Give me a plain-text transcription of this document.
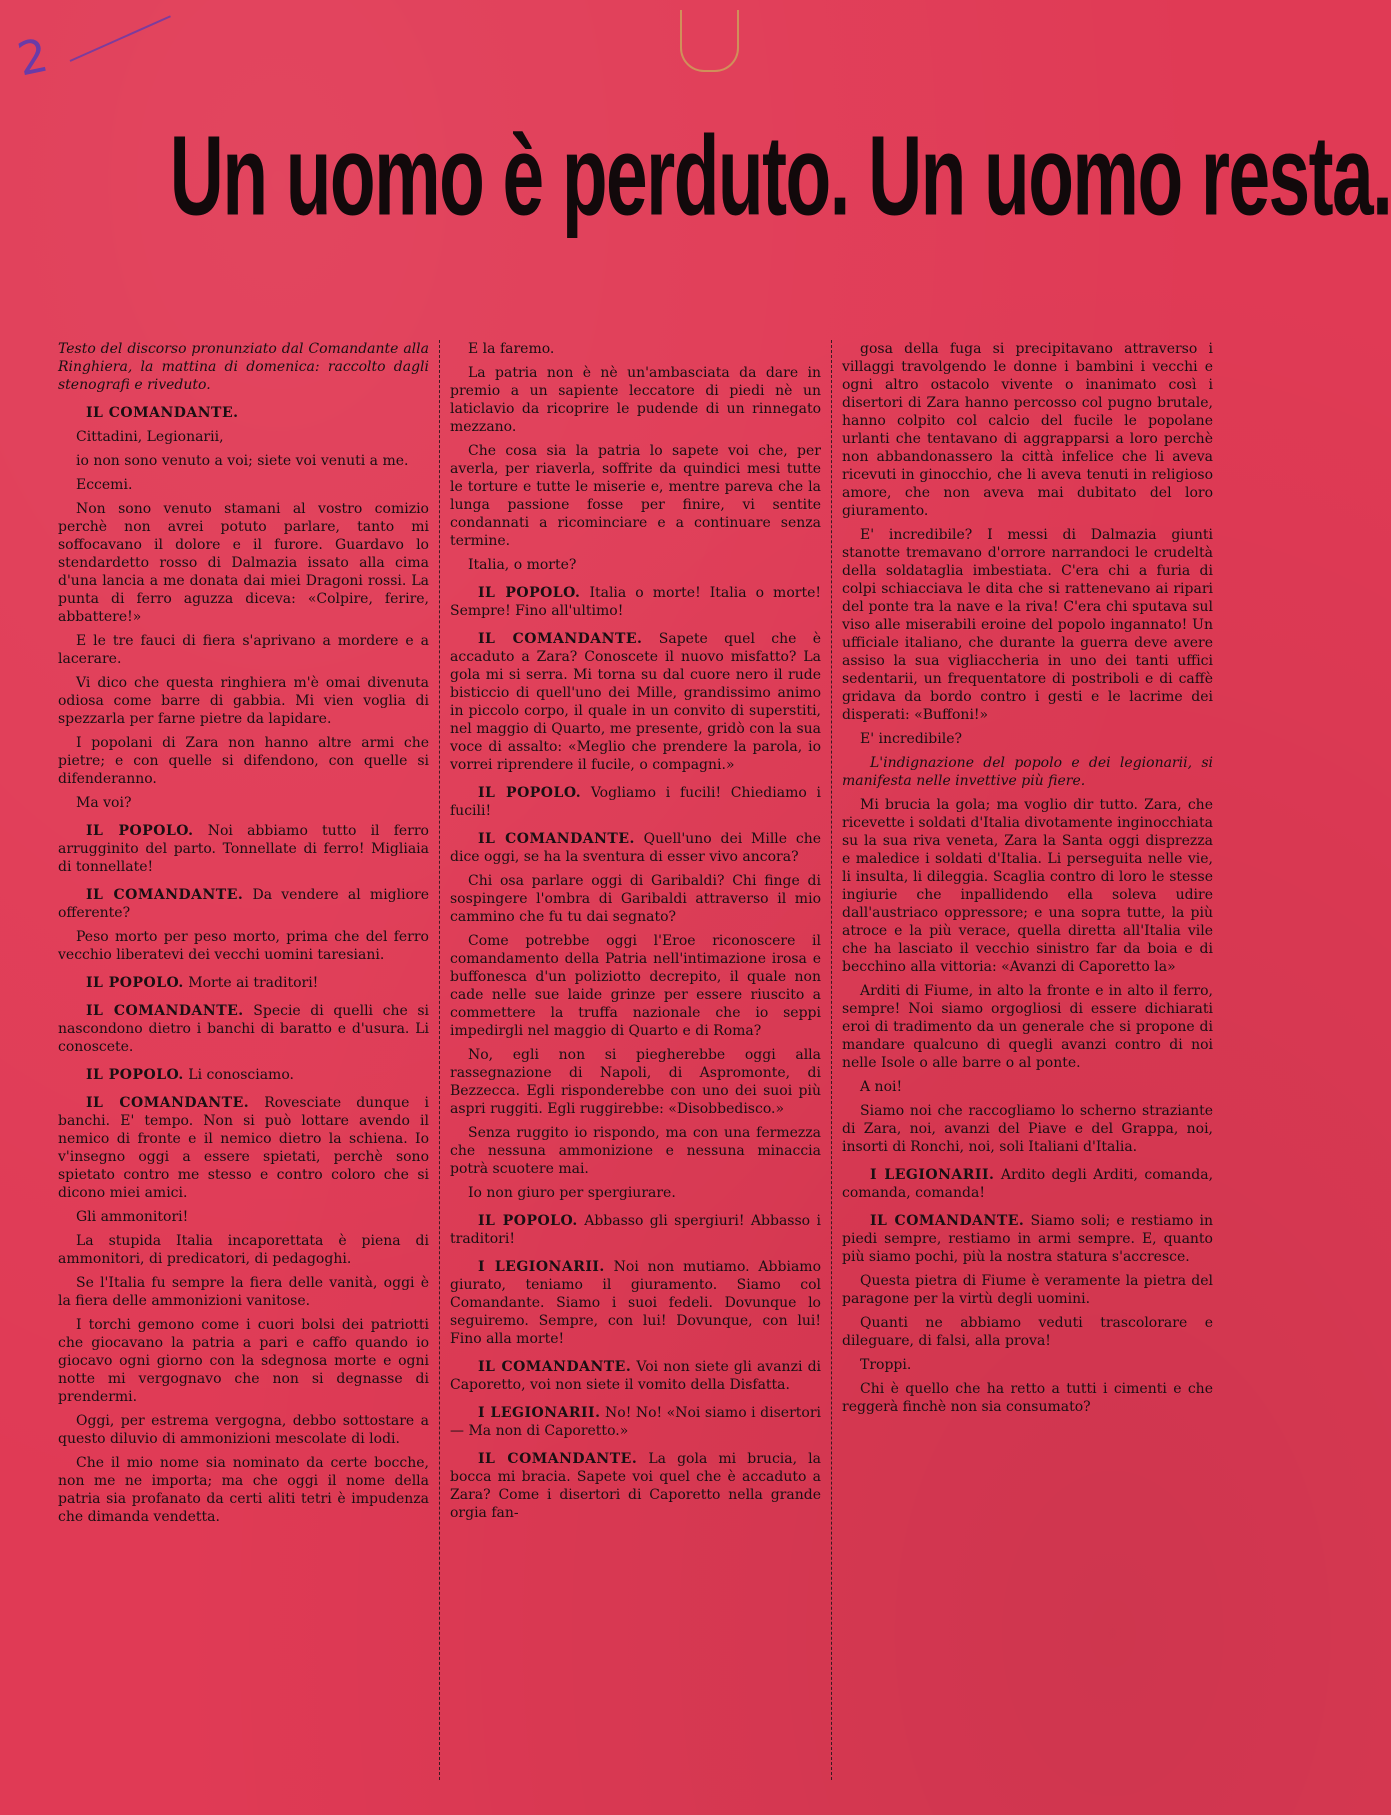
2
Un uomo è perduto. Un uomo resta.

Testo del discorso pronunziato dal Comandante alla Ringhiera, la mattina di domenica: raccolto dagli stenografi e riveduto.

IL COMANDANTE.

Cittadini, Legionarii,

io non sono venuto a voi; siete voi venuti a me.

Eccemi.

Non sono venuto stamani al vostro comizio perchè non avrei potuto parlare, tanto mi soffocavano il dolore e il furore. Guardavo lo stendardetto rosso di Dalmazia issato alla cima d'una lancia a me donata dai miei Dragoni rossi. La punta di ferro aguzza diceva: «Colpire, ferire, abbattere!»

E le tre fauci di fiera s'aprivano a mordere e a lacerare.

Vi dico che questa ringhiera m'è omai divenuta odiosa come barre di gabbia. Mi vien voglia di spezzarla per farne pietre da lapidare.

I popolani di Zara non hanno altre armi che pietre; e con quelle si difendono, con quelle si difenderanno.

Ma voi?

IL POPOLO. Noi abbiamo tutto il ferro arrugginito del parto. Tonnellate di ferro! Migliaia di tonnellate!

IL COMANDANTE. Da vendere al migliore offerente?

Peso morto per peso morto, prima che del ferro vecchio liberatevi dei vecchi uomini taresiani.

IL POPOLO. Morte ai traditori!

IL COMANDANTE. Specie di quelli che si nascondono dietro i banchi di baratto e d'usura. Li conoscete.

IL POPOLO. Li conosciamo.

IL COMANDANTE. Rovesciate dunque i banchi. E' tempo. Non si può lottare avendo il nemico di fronte e il nemico dietro la schiena. Io v'insegno oggi a essere spietati, perchè sono spietato contro me stesso e contro coloro che si dicono miei amici.

Gli ammonitori!

La stupida Italia incaporettata è piena di ammonitori, di predicatori, di pedagoghi.

Se l'Italia fu sempre la fiera delle vanità, oggi è la fiera delle ammonizioni vanitose.

I torchi gemono come i cuori bolsi dei patriotti che giocavano la patria a pari e caffo quando io giocavo ogni giorno con la sdegnosa morte e ogni notte mi vergognavo che non si degnasse di prendermi.

Oggi, per estrema vergogna, debbo sottostare a questo diluvio di ammonizioni mescolate di lodi.

Che il mio nome sia nominato da certe bocche, non me ne importa; ma che oggi il nome della patria sia profanato da certi aliti tetri è impudenza che dimanda vendetta.

E la faremo.

La patria non è nè un'ambasciata da dare in premio a un sapiente leccatore di piedi nè un laticlavio da ricoprire le pudende di un rinnegato mezzano.

Che cosa sia la patria lo sapete voi che, per averla, per riaverla, soffrite da quindici mesi tutte le torture e tutte le miserie e, mentre pareva che la lunga passione fosse per finire, vi sentite condannati a ricominciare e a continuare senza termine.

Italia, o morte?

IL POPOLO. Italia o morte! Italia o morte! Sempre! Fino all'ultimo!

IL COMANDANTE. Sapete quel che è accaduto a Zara? Conoscete il nuovo misfatto? La gola mi si serra. Mi torna su dal cuore nero il rude bisticcio di quell'uno dei Mille, grandissimo animo in piccolo corpo, il quale in un convito di superstiti, nel maggio di Quarto, me presente, gridò con la sua voce di assalto: «Meglio che prendere la parola, io vorrei riprendere il fucile, o compagni.»

IL POPOLO. Vogliamo i fucili! Chiediamo i fucili!

IL COMANDANTE. Quell'uno dei Mille che dice oggi, se ha la sventura di esser vivo ancora?

Chi osa parlare oggi di Garibaldi? Chi finge di sospingere l'ombra di Garibaldi attraverso il mio cammino che fu tu dai segnato?

Come potrebbe oggi l'Eroe riconoscere il comandamento della Patria nell'intimazione irosa e buffonesca d'un poliziotto decrepito, il quale non cade nelle sue laide grinze per essere riuscito a commettere la truffa nazionale che io seppi impedirgli nel maggio di Quarto e di Roma?

No, egli non si piegherebbe oggi alla rassegnazione di Napoli, di Aspromonte, di Bezzecca. Egli risponderebbe con uno dei suoi più aspri ruggiti. Egli ruggirebbe: «Disobbedisco.»

Senza ruggito io rispondo, ma con una fermezza che nessuna ammonizione e nessuna minaccia potrà scuotere mai.

Io non giuro per spergiurare.

IL POPOLO. Abbasso gli spergiuri! Abbasso i traditori!

I LEGIONARII. Noi non mutiamo. Abbiamo giurato, teniamo il giuramento. Siamo col Comandante. Siamo i suoi fedeli. Dovunque lo seguiremo. Sempre, con lui! Dovunque, con lui! Fino alla morte!

IL COMANDANTE. Voi non siete gli avanzi di Caporetto, voi non siete il vomito della Disfatta.

I LEGIONARII. No! No! «Noi siamo i disertori — Ma non di Caporetto.»

IL COMANDANTE. La gola mi brucia, la bocca mi bracia. Sapete voi quel che è accaduto a Zara? Come i disertori di Caporetto nella grande orgia fan-

gosa della fuga si precipitavano attraverso i villaggi travolgendo le donne i bambini i vecchi e ogni altro ostacolo vivente o inanimato così i disertori di Zara hanno percosso col pugno brutale, hanno colpito col calcio del fucile le popolane urlanti che tentavano di aggrapparsi a loro perchè non abbandonassero la città infelice che li aveva ricevuti in ginocchio, che li aveva tenuti in religioso amore, che non aveva mai dubitato del loro giuramento.

E' incredibile? I messi di Dalmazia giunti stanotte tremavano d'orrore narrandoci le crudeltà della soldataglia imbestiata. C'era chi a furia di colpi schiacciava le dita che si rattenevano ai ripari del ponte tra la nave e la riva! C'era chi sputava sul viso alle miserabili eroine del popolo ingannato! Un ufficiale italiano, che durante la guerra deve avere assiso la sua vigliaccheria in uno dei tanti uffici sedentarii, un frequentatore di postriboli e di caffè gridava da bordo contro i gesti e le lacrime dei disperati: «Buffoni!»

E' incredibile?

L'indignazione del popolo e dei legionarii, si manifesta nelle invettive più fiere.

Mi brucia la gola; ma voglio dir tutto. Zara, che ricevette i soldati d'Italia divotamente inginocchiata su la sua riva veneta, Zara la Santa oggi disprezza e maledice i soldati d'Italia. Li perseguita nelle vie, li insulta, li dileggia. Scaglia contro di loro le stesse ingiurie che inpallidendo ella soleva udire dall'austriaco oppressore; e una sopra tutte, la più atroce e la più verace, quella diretta all'Italia vile che ha lasciato il vecchio sinistro far da boia e di becchino alla vittoria: «Avanzi di Caporetto la»

Arditi di Fiume, in alto la fronte e in alto il ferro, sempre! Noi siamo orgogliosi di essere dichiarati eroi di tradimento da un generale che si propone di mandare qualcuno di quegli avanzi contro di noi nelle Isole o alle barre o al ponte.

A noi!

Siamo noi che raccogliamo lo scherno straziante di Zara, noi, avanzi del Piave e del Grappa, noi, insorti di Ronchi, noi, soli Italiani d'Italia.

I LEGIONARII. Ardito degli Arditi, comanda, comanda, comanda!

IL COMANDANTE. Siamo soli; e restiamo in piedi sempre, restiamo in armi sempre. E, quanto più siamo pochi, più la nostra statura s'accresce.

Questa pietra di Fiume è veramente la pietra del paragone per la virtù degli uomini.

Quanti ne abbiamo veduti trascolorare e dileguare, di falsi, alla prova!

Troppi.

Chi è quello che ha retto a tutti i cimenti e che reggerà finchè non sia consumato?
